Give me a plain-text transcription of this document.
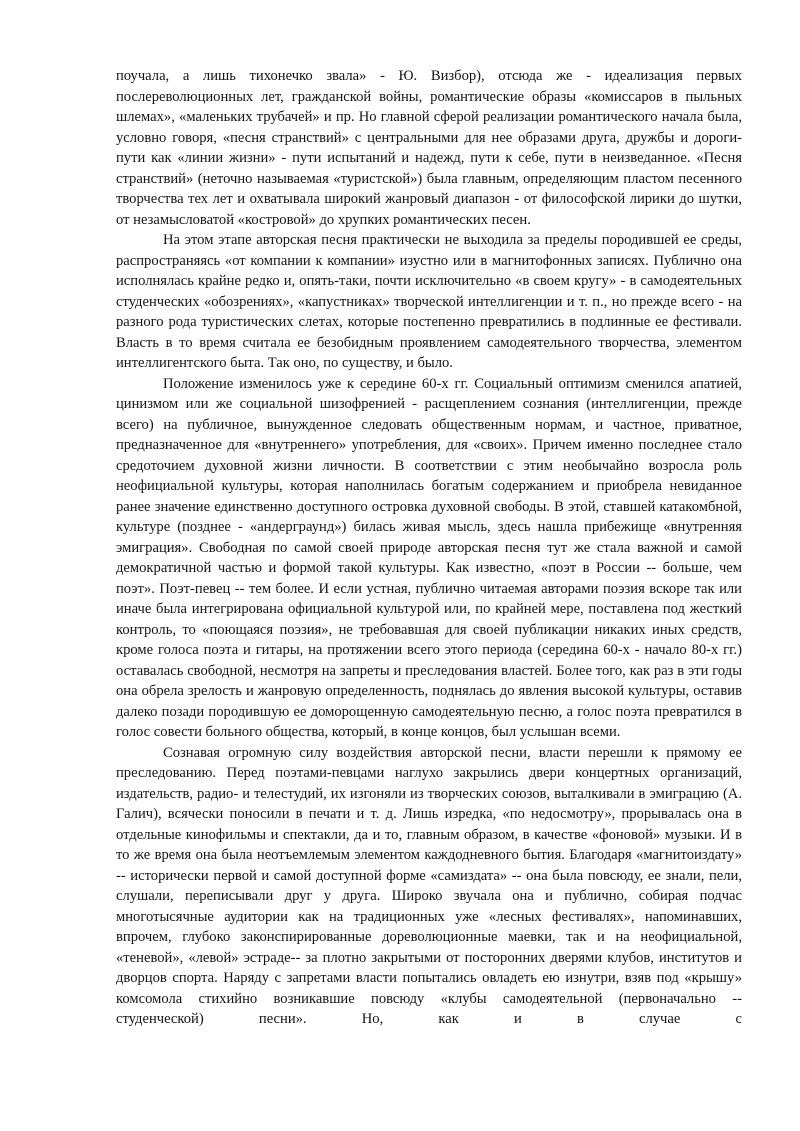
поучала, а лишь тихонечко звала» - Ю. Визбор), отсюда же - идеализация первых послереволюционных лет, гражданской войны, романтические образы «комиссаров в пыльных шлемах», «маленьких трубачей» и пр. Но главной сферой реализации романтического начала была, условно говоря, «песня странствий» с центральными для нее образами друга, дружбы и дороги-пути как «линии жизни» - пути испытаний и надежд, пути к себе, пути в неизведанное. «Песня странствий» (неточно называемая «туристской») была главным, определяющим пластом песенного творчества тех лет и охватывала широкий жанровый диапазон - от философской лирики до шутки, от незамысловатой «костровой» до хрупких романтических песен.

На этом этапе авторская песня практически не выходила за пределы породившей ее среды, распространяясь «от компании к компании» изустно или в магнитофонных записях. Публично она исполнялась крайне редко и, опять-таки, почти исключительно «в своем кругу» - в самодеятельных студенческих «обозрениях», «капустниках» творческой интеллигенции и т. п., но прежде всего - на разного рода туристических слетах, которые постепенно превратились в подлинные ее фестивали. Власть в то время считала ее безобидным проявлением самодеятельного творчества, элементом интеллигентского быта. Так оно, по существу, и было.

Положение изменилось уже к середине 60-х гг. Социальный оптимизм сменился апатией, цинизмом или же социальной шизофренией - расщеплением сознания (интеллигенции, прежде всего) на публичное, вынужденное следовать общественным нормам, и частное, приватное, предназначенное для «внутреннего» употребления, для «своих». Причем именно последнее стало средоточием духовной жизни личности. В соответствии с этим необычайно возросла роль неофициальной культуры, которая наполнилась богатым содержанием и приобрела невиданное ранее значение единственно доступного островка духовной свободы. В этой, ставшей катакомбной, культуре (позднее - «андерграунд») билась живая мысль, здесь нашла прибежище «внутренняя эмиграция». Свободная по самой своей природе авторская песня тут же стала важной и самой демократичной частью и формой такой культуры. Как известно, «поэт в России -- больше, чем поэт». Поэт-певец -- тем более. И если устная, публично читаемая авторами поэзия вскоре так или иначе была интегрирована официальной культурой или, по крайней мере, поставлена под жесткий контроль, то «поющаяся поэзия», не требовавшая для своей публикации никаких иных средств, кроме голоса поэта и гитары, на протяжении всего этого периода (середина 60-х - начало 80-х гг.) оставалась свободной, несмотря на запреты и преследования властей. Более того, как раз в эти годы она обрела зрелость и жанровую определенность, поднялась до явления высокой культуры, оставив далеко позади породившую ее доморощенную самодеятельную песню, а голос поэта превратился в голос совести больного общества, который, в конце концов, был услышан всеми.

Сознавая огромную силу воздействия авторской песни, власти перешли к прямому ее преследованию. Перед поэтами-певцами наглухо закрылись двери концертных организаций, издательств, радио- и телестудий, их изгоняли из творческих союзов, выталкивали в эмиграцию (А. Галич), всячески поносили в печати и т. д. Лишь изредка, «по недосмотру», прорывалась она в отдельные кинофильмы и спектакли, да и то, главным образом, в качестве «фоновой» музыки. И в то же время она была неотъемлемым элементом каждодневного бытия. Благодаря «магнитоиздату» -- исторически первой и самой доступной форме «самиздата» -- она была повсюду, ее знали, пели, слушали, переписывали друг у друга. Широко звучала она и публично, собирая подчас многотысячные аудитории как на традиционных уже «лесных фестивалях», напоминавших, впрочем, глубоко законспирированные дореволюционные маевки, так и на неофициальной, «теневой», «левой» эстраде-- за плотно закрытыми от посторонних дверями клубов, институтов и дворцов спорта. Наряду с запретами власти попытались овладеть ею изнутри, взяв под «крышу» комсомола стихийно возникавшие повсюду «клубы самодеятельной (первоначально -- студенческой) песни». Но, как и в случае с
